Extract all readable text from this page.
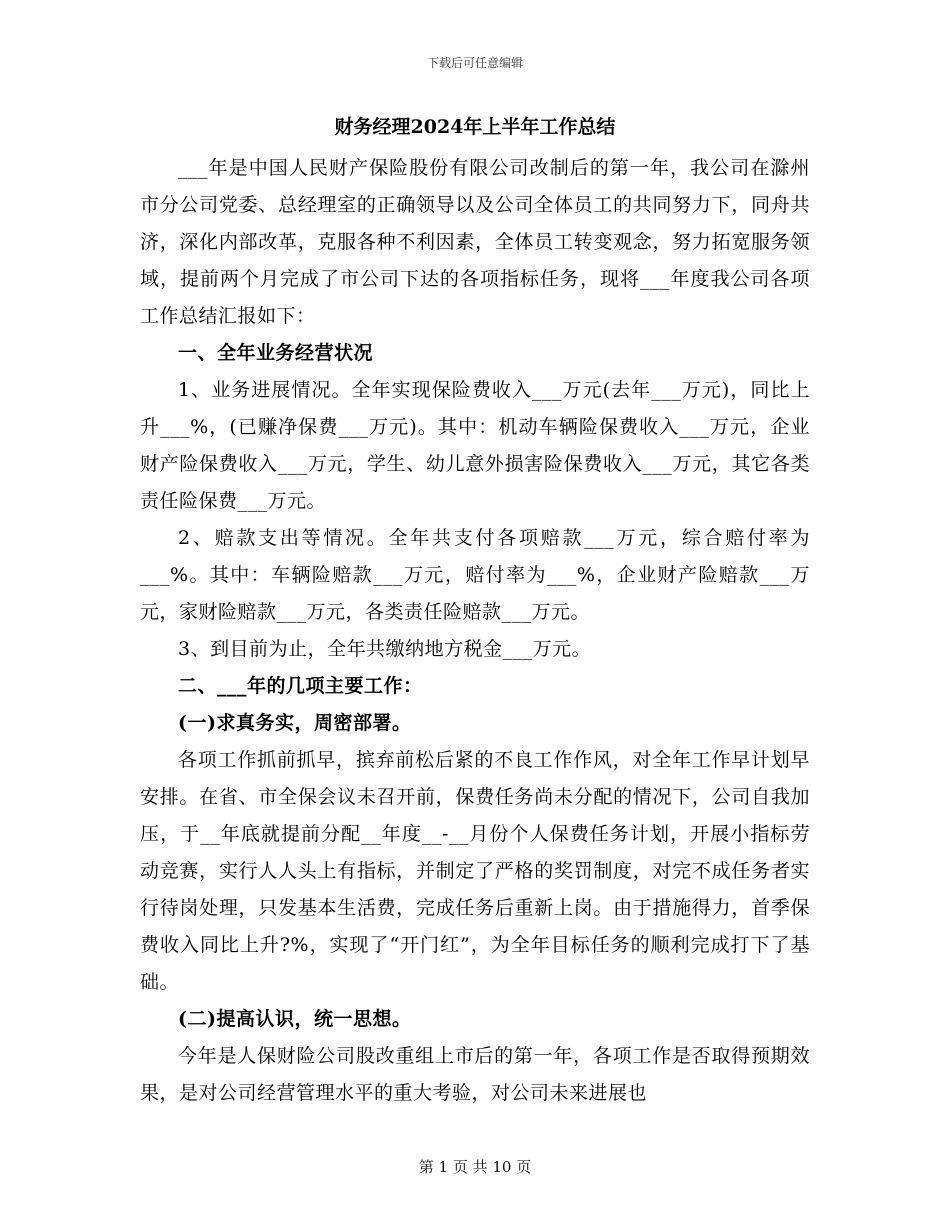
下载后可任意编辑
财务经理2024年上半年工作总结

___年是中国人民财产保险股份有限公司改制后的第一年，我公司在滁州市分公司党委、总经理室的正确领导以及公司全体员工的共同努力下，同舟共济，深化内部改革，克服各种不利因素，全体员工转变观念，努力拓宽服务领域，提前两个月完成了市公司下达的各项指标任务，现将___年度我公司各项工作总结汇报如下：

一、全年业务经营状况

1、业务进展情况。全年实现保险费收入___万元(去年___万元)，同比上升___%，(已赚净保费___万元)。其中：机动车辆险保费收入___万元，企业财产险保费收入___万元，学生、幼儿意外损害险保费收入___万元，其它各类责任险保费___万元。

2、赔款支出等情况。全年共支付各项赔款___万元，综合赔付率为___%。其中：车辆险赔款___万元，赔付率为___%，企业财产险赔款___万元，家财险赔款___万元，各类责任险赔款___万元。

3、到目前为止，全年共缴纳地方税金___万元。

二、___年的几项主要工作：

(一)求真务实，周密部署。

各项工作抓前抓早，摈弃前松后紧的不良工作作风，对全年工作早计划早安排。在省、市全保会议未召开前，保费任务尚未分配的情况下，公司自我加压，于__年底就提前分配__年度__-__月份个人保费任务计划，开展小指标劳动竞赛，实行人人头上有指标，并制定了严格的奖罚制度，对完不成任务者实行待岗处理，只发基本生活费，完成任务后重新上岗。由于措施得力，首季保费收入同比上升?%，实现了“开门红”，为全年目标任务的顺利完成打下了基础。

(二)提高认识，统一思想。

今年是人保财险公司股改重组上市后的第一年，各项工作是否取得预期效果，是对公司经营管理水平的重大考验，对公司未来进展也

第 1 页 共 10 页
